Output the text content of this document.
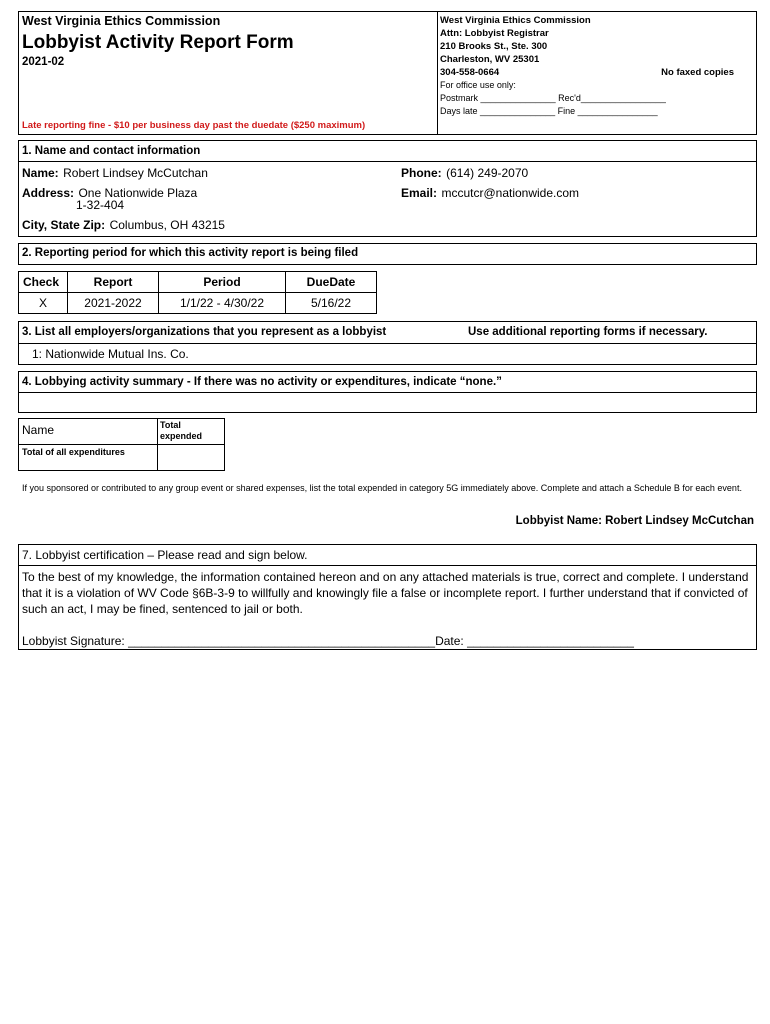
West Virginia Ethics Commission
Lobbyist Activity Report Form
2021-02
Late reporting fine - $10 per business day past the duedate ($250 maximum)
West Virginia Ethics Commission
Attn: Lobbyist Registrar
210 Brooks St., Ste. 300
Charleston, WV 25301
304-558-0664	No faxed copies
For office use only:
Postmark _______________ Rec'd_________________
Days late _______________ Fine ________________
1. Name and contact information
Name: Robert Lindsey McCutchan	Phone: (614) 249-2070
Address: One Nationwide Plaza
1-32-404
Email: mccutcr@nationwide.com
City, State Zip: Columbus, OH 43215
2. Reporting period for which this activity report is being filed
Check	Report	Period	DueDate
X	2021-2022	1/1/22 - 4/30/22	5/16/22
3. List all employers/organizations that you represent as a lobbyist	Use additional reporting forms if necessary.
1: Nationwide Mutual Ins. Co.
4. Lobbying activity summary - If there was no activity or expenditures, indicate “none.”
Name	Total expended
Total of all expenditures
If you sponsored or contributed to any group event or shared expenses, list the total expended in category 5G immediately above. Complete and attach a Schedule B for each event.
Lobbyist Name: Robert Lindsey McCutchan
7. Lobbyist certification – Please read and sign below.
To the best of my knowledge, the information contained hereon and on any attached materials is true, correct and complete. I understand that it is a violation of WV Code §6B-3-9 to willfully and knowingly file a false or incomplete report. I further understand that if convicted of such an act, I may be fined, sentenced to jail or both.
Lobbyist Signature: ______________________________________________Date: _________________________
